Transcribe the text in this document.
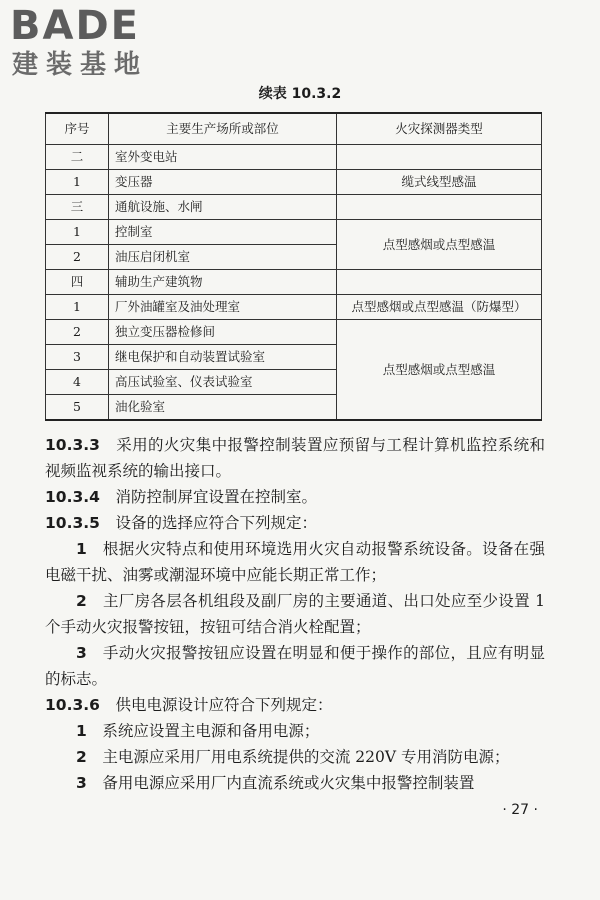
BADE
建装基地
续表 10.3.2
序号	主要生产场所或部位	火灾探测器类型
二	室外变电站	
1	变压器	缆式线型感温
三	通航设施、水闸	
1	控制室	点型感烟或点型感温
2	油压启闭机室	
四	辅助生产建筑物	
1	厂外油罐室及油处理室	点型感烟或点型感温（防爆型）
2	独立变压器检修间	点型感烟或点型感温
3	继电保护和自动装置试验室	
4	高压试验室、仪表试验室	
5	油化验室	

10.3.3　 采用的火灾集中报警控制装置应预留与工程计算机监控系统和视频监视系统的输出接口。

10.3.4　 消防控制屏宜设置在控制室。

10.3.5　 设备的选择应符合下列规定：

1　 根据火灾特点和使用环境选用火灾自动报警系统设备。设备在强电磁干扰、油雾或潮湿环境中应能长期正常工作；

2　 主厂房各层各机组段及副厂房的主要通道、出口处应至少设置 1 个手动火灾报警按钮，按钮可结合消火栓配置；

3　 手动火灾报警按钮应设置在明显和便于操作的部位，且应有明显的标志。

10.3.6　 供电电源设计应符合下列规定：

1　 系统应设置主电源和备用电源；

2　 主电源应采用厂用电系统提供的交流 220V 专用消防电源；

3　 备用电源应采用厂内直流系统或火灾集中报警控制装置

· 27 ·
